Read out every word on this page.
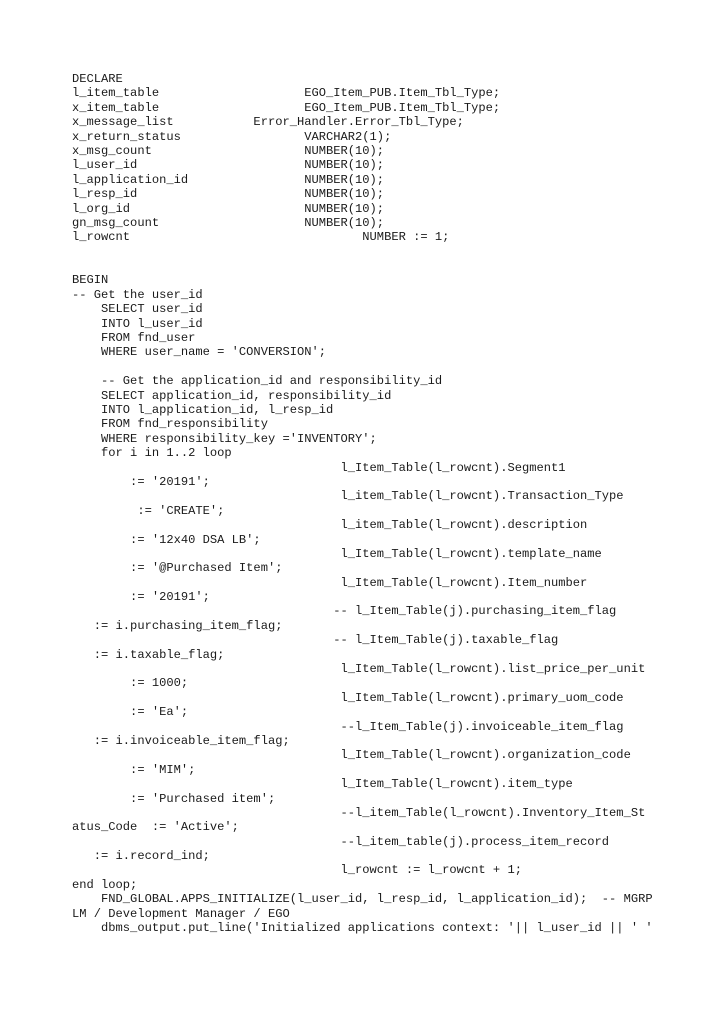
DECLARE
l_item_table                    EGO_Item_PUB.Item_Tbl_Type;
x_item_table                    EGO_Item_PUB.Item_Tbl_Type;
x_message_list           Error_Handler.Error_Tbl_Type;
x_return_status                 VARCHAR2(1);
x_msg_count                     NUMBER(10);
l_user_id                       NUMBER(10);
l_application_id                NUMBER(10);
l_resp_id                       NUMBER(10);
l_org_id                        NUMBER(10);
gn_msg_count                    NUMBER(10);
l_rowcnt                                NUMBER := 1;
BEGIN
-- Get the user_id
SELECT user_id
INTO l_user_id
FROM fnd_user
WHERE user_name = 'CONVERSION';
-- Get the application_id and responsibility_id
SELECT application_id, responsibility_id
INTO l_application_id, l_resp_id
FROM fnd_responsibility
WHERE responsibility_key ='INVENTORY';
for i in 1..2 loop
l_Item_Table(l_rowcnt).Segment1
:= '20191';
l_item_Table(l_rowcnt).Transaction_Type
:= 'CREATE';
l_item_Table(l_rowcnt).description
:= '12x40 DSA LB';
l_Item_Table(l_rowcnt).template_name
:= '@Purchased Item';
l_Item_Table(l_rowcnt).Item_number
:= '20191';
-- l_Item_Table(j).purchasing_item_flag
:= i.purchasing_item_flag;
-- l_Item_Table(j).taxable_flag
:= i.taxable_flag;
l_Item_Table(l_rowcnt).list_price_per_unit
:= 1000;
l_Item_Table(l_rowcnt).primary_uom_code
:= 'Ea';
--l_Item_Table(j).invoiceable_item_flag
:= i.invoiceable_item_flag;
l_Item_Table(l_rowcnt).organization_code
:= 'MIM';
l_Item_Table(l_rowcnt).item_type
:= 'Purchased item';
--l_item_Table(l_rowcnt).Inventory_Item_St
atus_Code  := 'Active';
--l_item_table(j).process_item_record
:= i.record_ind;
l_rowcnt := l_rowcnt + 1;
end loop;
FND_GLOBAL.APPS_INITIALIZE(l_user_id, l_resp_id, l_application_id);  -- MGRP
LM / Development Manager / EGO
dbms_output.put_line('Initialized applications context: '|| l_user_id || ' '
